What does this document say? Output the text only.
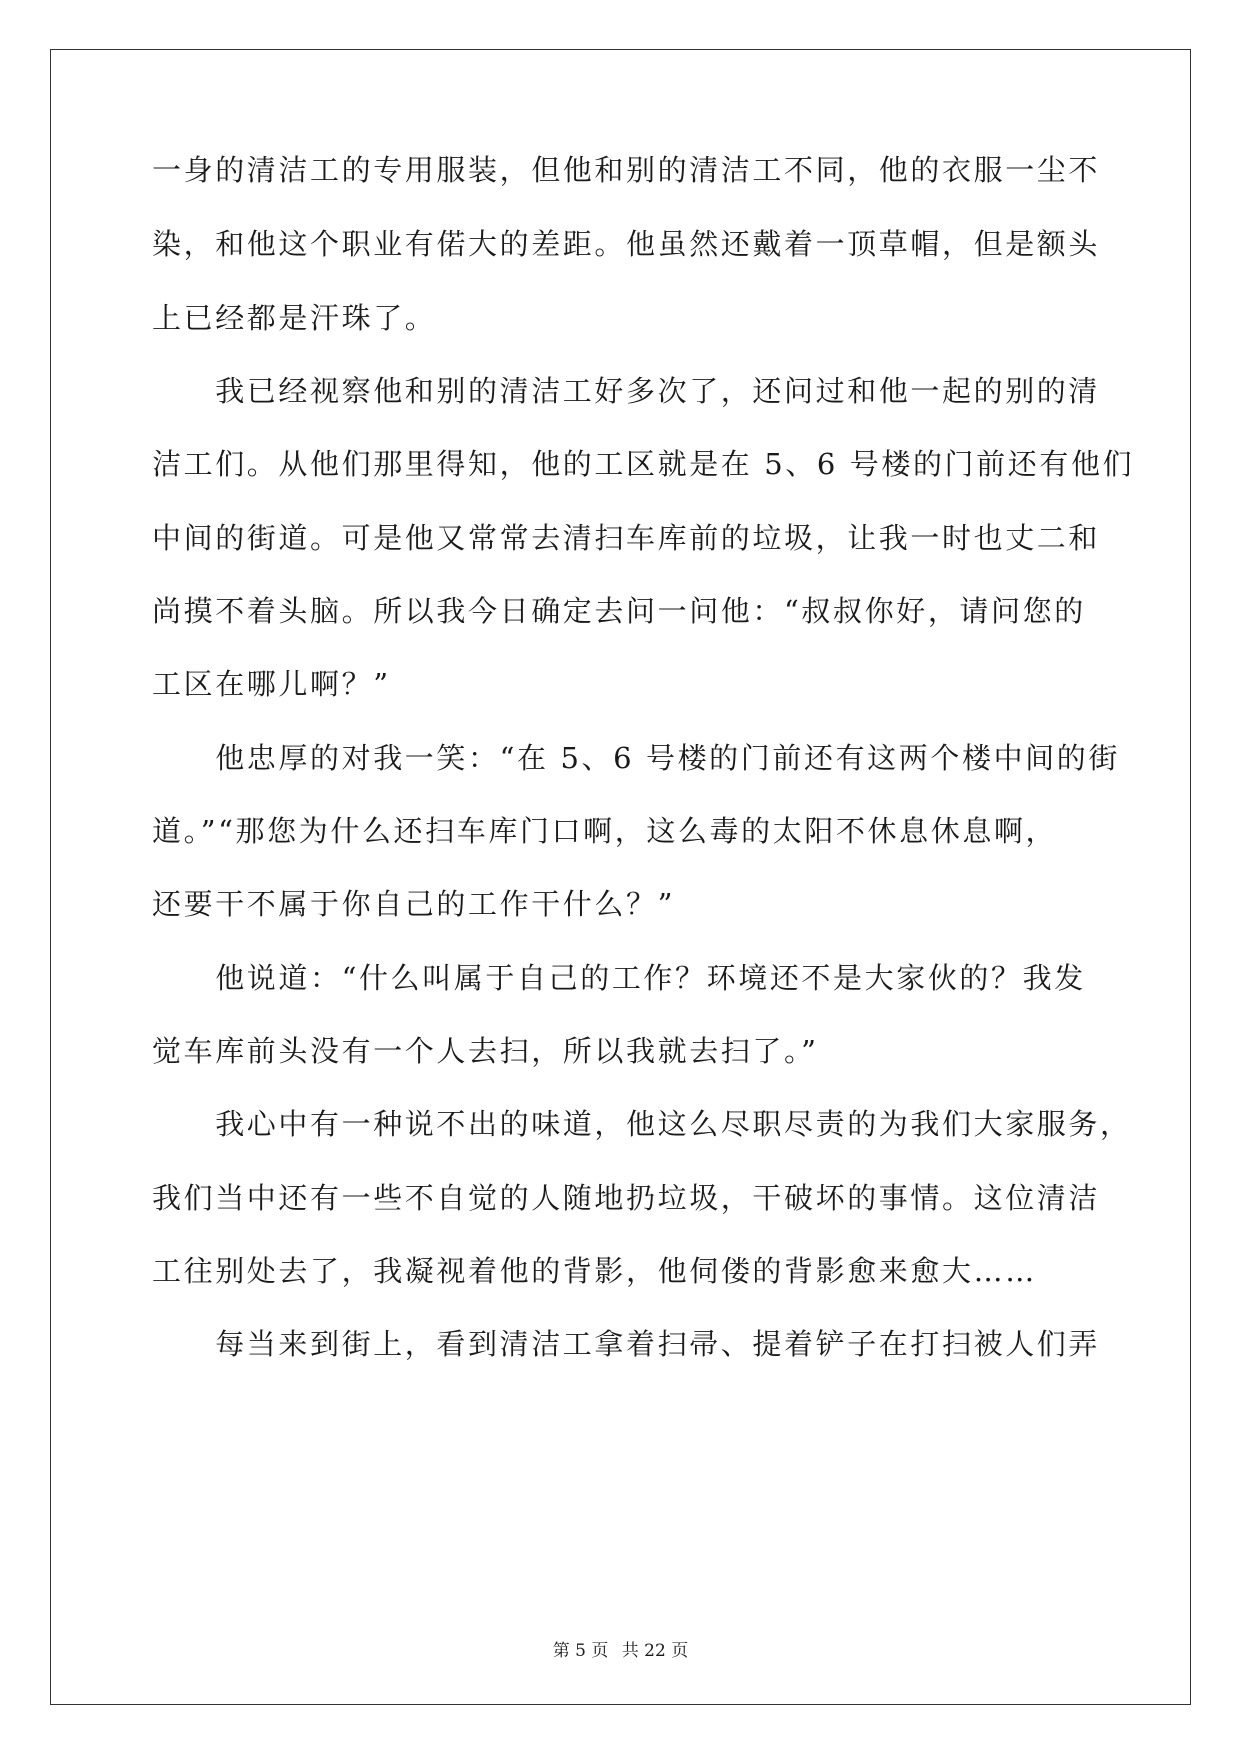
一身的清洁工的专用服装，但他和别的清洁工不同，他的衣服一尘不
染，和他这个职业有偌大的差距。他虽然还戴着一顶草帽，但是额头
上已经都是汗珠了。
　　我已经视察他和别的清洁工好多次了，还问过和他一起的别的清
洁工们。从他们那里得知，他的工区就是在 5、6 号楼的门前还有他们
中间的街道。可是他又常常去清扫车库前的垃圾，让我一时也丈二和
尚摸不着头脑。所以我今日确定去问一问他：“叔叔你好，请问您的
工区在哪儿啊？”
　　他忠厚的对我一笑：“在 5、6 号楼的门前还有这两个楼中间的街
道。”“那您为什么还扫车库门口啊，这么毒的太阳不休息休息啊，
还要干不属于你自己的工作干什么？”
　　他说道：“什么叫属于自己的工作？环境还不是大家伙的？我发
觉车库前头没有一个人去扫，所以我就去扫了。”
　　我心中有一种说不出的味道，他这么尽职尽责的为我们大家服务，
我们当中还有一些不自觉的人随地扔垃圾，干破坏的事情。这位清洁
工往别处去了，我凝视着他的背影，他伺偻的背影愈来愈大……
　　每当来到街上，看到清洁工拿着扫帚、提着铲子在打扫被人们弄
第 5 页 共 22 页
